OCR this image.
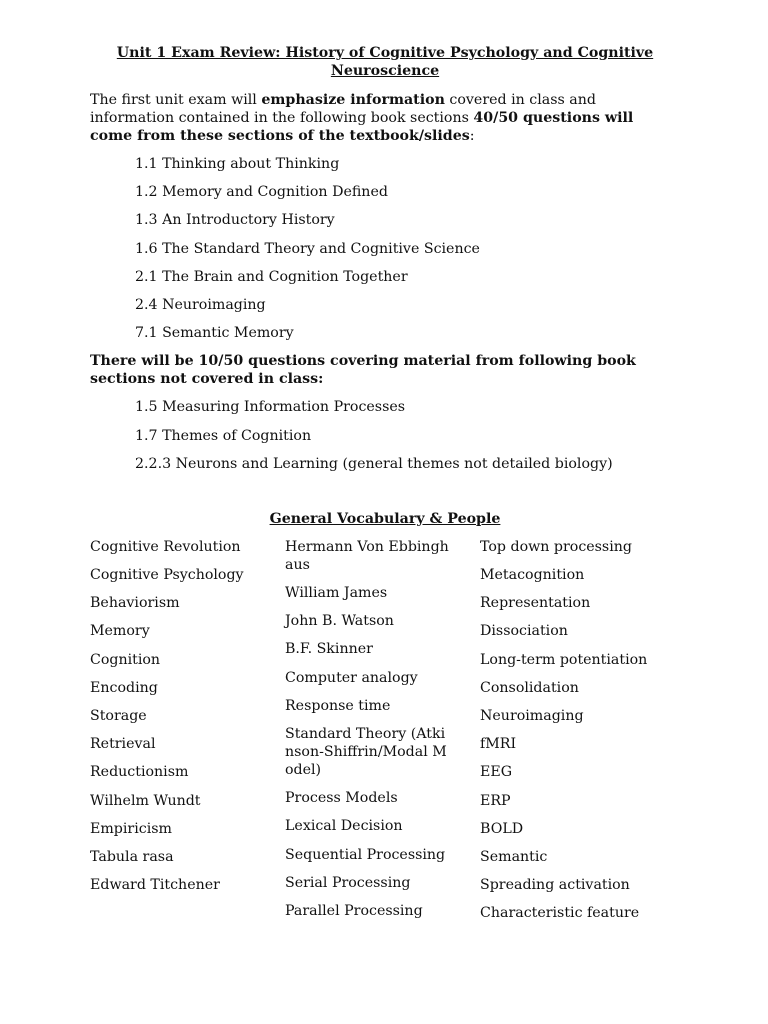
Unit 1 Exam Review: History of Cognitive Psychology and Cognitive Neuroscience

The first unit exam will emphasize information covered in class and information contained in the following book sections 40/50 questions will come from these sections of the textbook/slides:

1.1 Thinking about Thinking
1.2 Memory and Cognition Defined
1.3 An Introductory History
1.6 The Standard Theory and Cognitive Science
2.1 The Brain and Cognition Together
2.4 Neuroimaging
7.1 Semantic Memory

There will be 10/50 questions covering material from following book sections not covered in class:

1.5 Measuring Information Processes
1.7 Themes of Cognition
2.2.3 Neurons and Learning (general themes not detailed biology)
General Vocabulary & People
Cognitive Revolution
Cognitive Psychology
Behaviorism
Memory
Cognition
Encoding
Storage
Retrieval
Reductionism
Wilhelm Wundt
Empiricism
Tabula rasa
Edward Titchener
Hermann Von Ebbinghaus
William James
John B. Watson
B.F. Skinner
Computer analogy
Response time
Standard Theory (Atkinson-Shiffrin/Modal Model)
Process Models
Lexical Decision
Sequential Processing
Serial Processing
Parallel Processing
Top down processing
Metacognition
Representation
Dissociation
Long-term potentiation
Consolidation
Neuroimaging
fMRI
EEG
ERP
BOLD
Semantic
Spreading activation
Characteristic feature
